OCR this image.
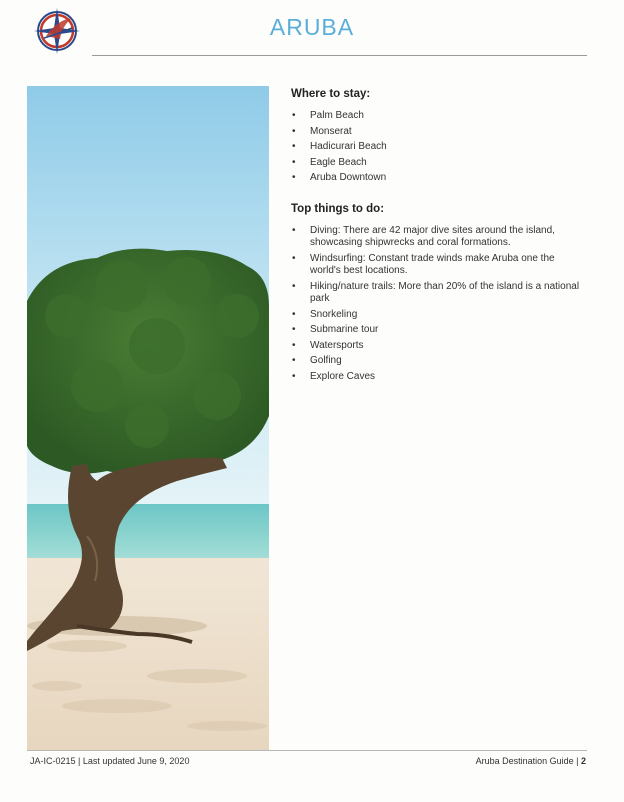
ARUBA
Where to stay:
• Palm Beach
• Monserat
• Hadicurari Beach
• Eagle Beach
• Aruba Downtown
Top things to do:
• Diving: There are 42 major dive sites around the island, showcasing shipwrecks and coral formations.
• Windsurfing: Constant trade winds make Aruba one the world's best locations.
• Hiking/nature trails: More than 20% of the island is a national park
• Snorkeling
• Submarine tour
• Watersports
• Golfing
• Explore Caves
JA-IC-0215 | Last updated June 9, 2020	Aruba Destination Guide | 2
